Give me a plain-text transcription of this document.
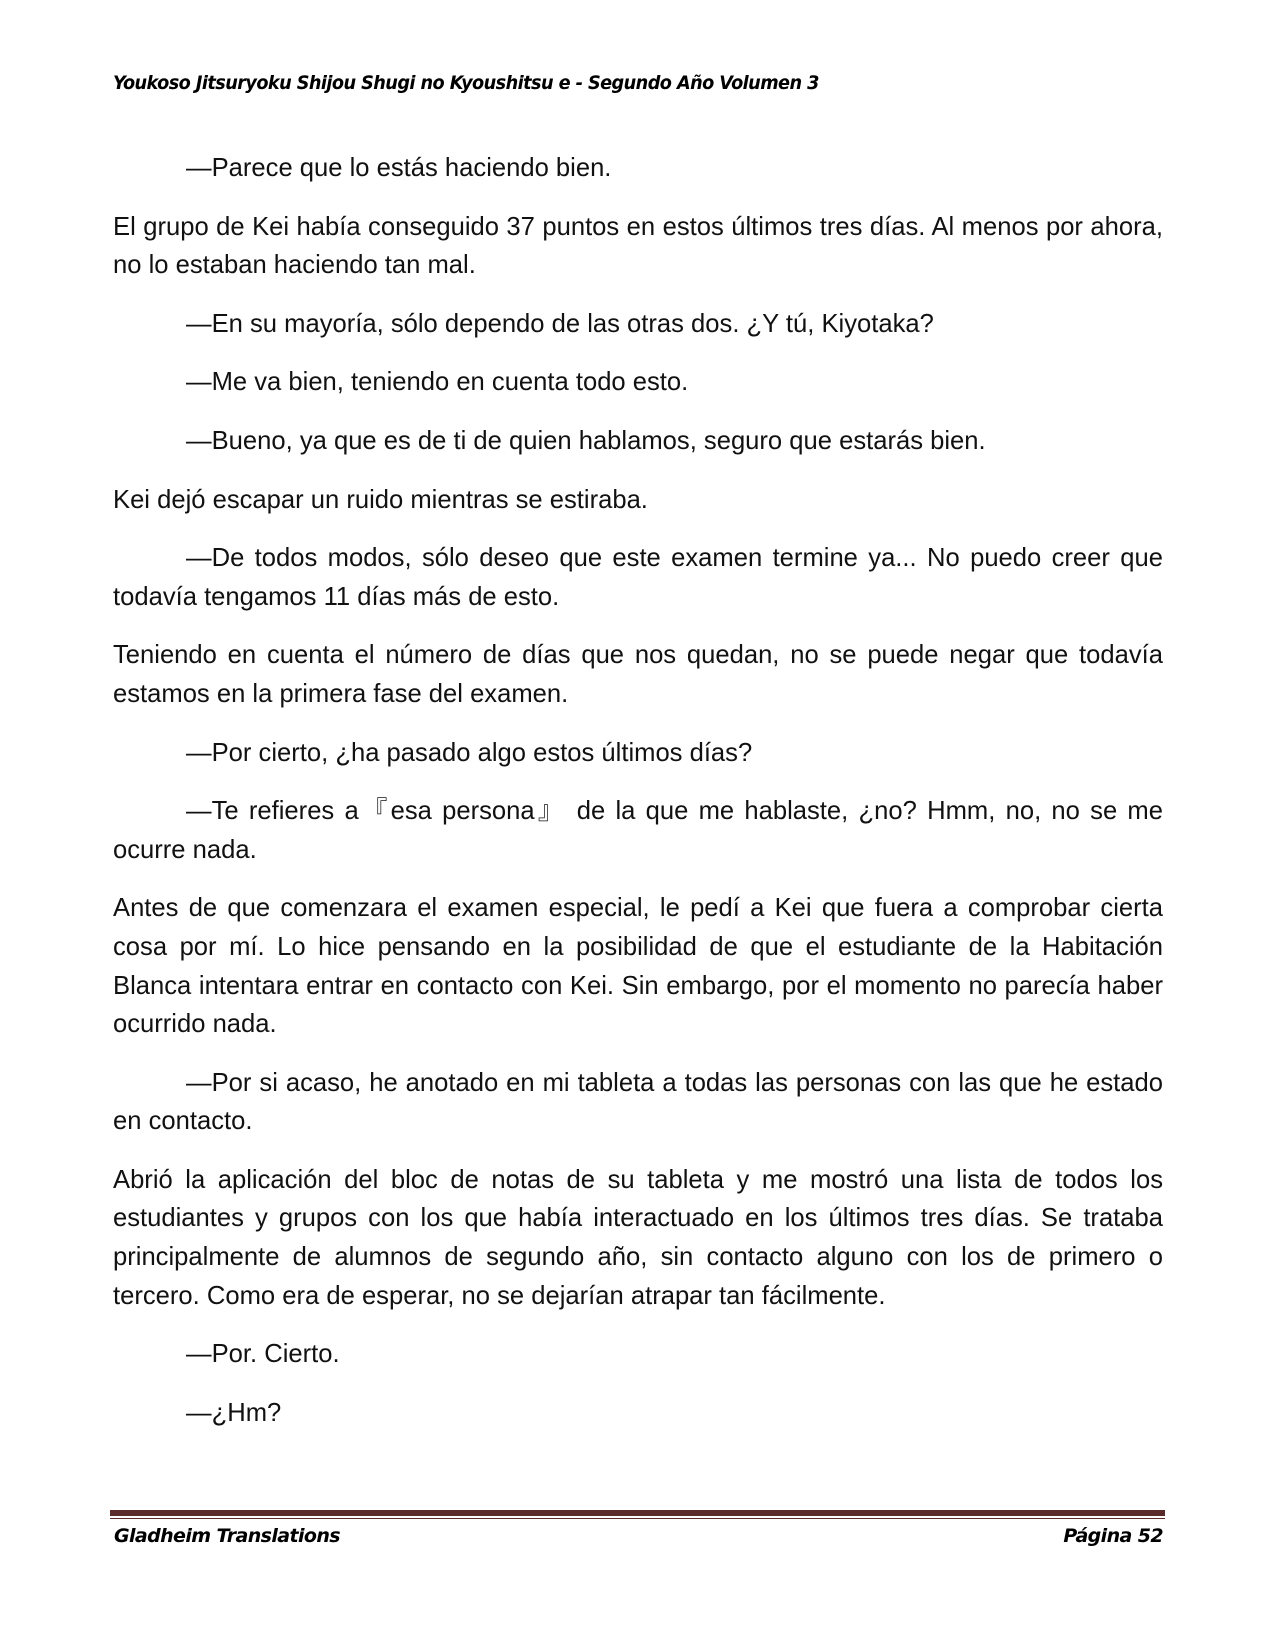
Youkoso Jitsuryoku Shijou Shugi no Kyoushitsu e - Segundo Año Volumen 3

—Parece que lo estás haciendo bien.

El grupo de Kei había conseguido 37 puntos en estos últimos tres días. Al menos por ahora, no lo estaban haciendo tan mal.

—En su mayoría, sólo dependo de las otras dos. ¿Y tú, Kiyotaka?

—Me va bien, teniendo en cuenta todo esto.

—Bueno, ya que es de ti de quien hablamos, seguro que estarás bien.

Kei dejó escapar un ruido mientras se estiraba.

—De todos modos, sólo deseo que este examen termine ya... No puedo creer que todavía tengamos 11 días más de esto.

Teniendo en cuenta el número de días que nos quedan, no se puede negar que todavía estamos en la primera fase del examen.

—Por cierto, ¿ha pasado algo estos últimos días?

—Te refieres a『esa persona』 de la que me hablaste, ¿no? Hmm, no, no se me ocurre nada.

Antes de que comenzara el examen especial, le pedí a Kei que fuera a comprobar cierta cosa por mí. Lo hice pensando en la posibilidad de que el estudiante de la Habitación Blanca intentara entrar en contacto con Kei. Sin embargo, por el momento no parecía haber ocurrido nada.

—Por si acaso, he anotado en mi tableta a todas las personas con las que he estado en contacto.

Abrió la aplicación del bloc de notas de su tableta y me mostró una lista de todos los estudiantes y grupos con los que había interactuado en los últimos tres días. Se trataba principalmente de alumnos de segundo año, sin contacto alguno con los de primero o tercero. Como era de esperar, no se dejarían atrapar tan fácilmente.

—Por. Cierto.

—¿Hm?

Gladheim Translations	Página 52
